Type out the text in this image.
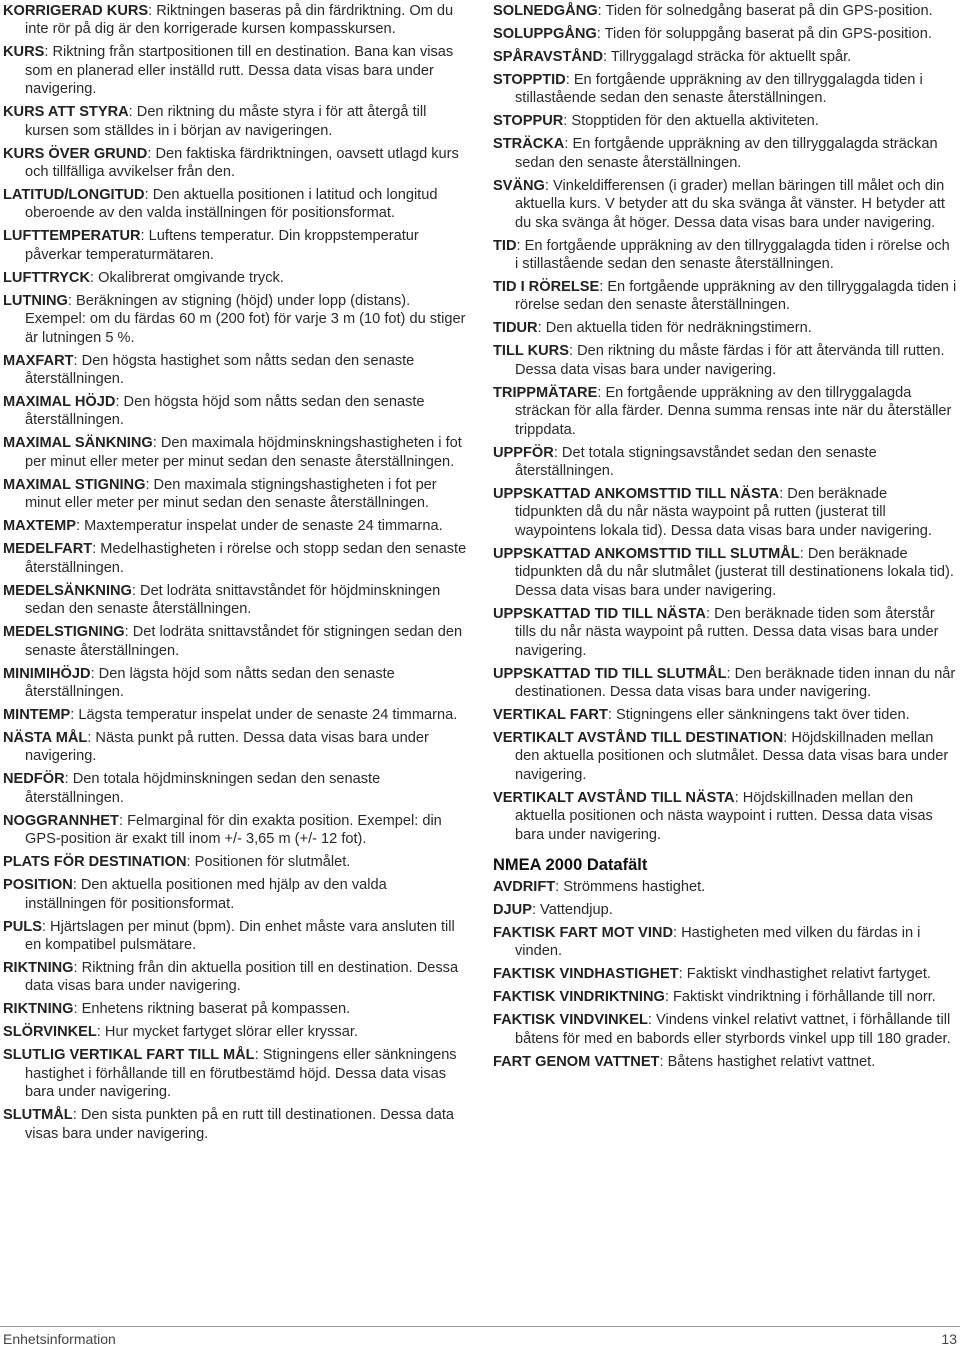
KORRIGERAD KURS: Riktningen baseras på din färdriktning. Om du inte rör på dig är den korrigerade kursen kompasskursen.

KURS: Riktning från startpositionen till en destination. Bana kan visas som en planerad eller inställd rutt. Dessa data visas bara under navigering.

KURS ATT STYRA: Den riktning du måste styra i för att återgå till kursen som ställdes in i början av navigeringen.

KURS ÖVER GRUND: Den faktiska färdriktningen, oavsett utlagd kurs och tillfälliga avvikelser från den.

LATITUD/LONGITUD: Den aktuella positionen i latitud och longitud oberoende av den valda inställningen för positionsformat.

LUFTTEMPERATUR: Luftens temperatur. Din kroppstemperatur påverkar temperaturmätaren.

LUFTTRYCK: Okalibrerat omgivande tryck.

LUTNING: Beräkningen av stigning (höjd) under lopp (distans). Exempel: om du färdas 60 m (200 fot) för varje 3 m (10 fot) du stiger är lutningen 5 %.

MAXFART: Den högsta hastighet som nåtts sedan den senaste återställningen.

MAXIMAL HÖJD: Den högsta höjd som nåtts sedan den senaste återställningen.

MAXIMAL SÄNKNING: Den maximala höjdminskningshastigheten i fot per minut eller meter per minut sedan den senaste återställningen.

MAXIMAL STIGNING: Den maximala stigningshastigheten i fot per minut eller meter per minut sedan den senaste återställningen.

MAXTEMP: Maxtemperatur inspelat under de senaste 24 timmarna.

MEDELFART: Medelhastigheten i rörelse och stopp sedan den senaste återställningen.

MEDELSÄNKNING: Det lodräta snittavståndet för höjdminskningen sedan den senaste återställningen.

MEDELSTIGNING: Det lodräta snittavståndet för stigningen sedan den senaste återställningen.

MINIMIHÖJD: Den lägsta höjd som nåtts sedan den senaste återställningen.

MINTEMP: Lägsta temperatur inspelat under de senaste 24 timmarna.

NÄSTA MÅL: Nästa punkt på rutten. Dessa data visas bara under navigering.

NEDFÖR: Den totala höjdminskningen sedan den senaste återställningen.

NOGGRANNHET: Felmarginal för din exakta position. Exempel: din GPS-position är exakt till inom +/- 3,65 m (+/- 12 fot).

PLATS FÖR DESTINATION: Positionen för slutmålet.

POSITION: Den aktuella positionen med hjälp av den valda inställningen för positionsformat.

PULS: Hjärtslagen per minut (bpm). Din enhet måste vara ansluten till en kompatibel pulsmätare.

RIKTNING: Riktning från din aktuella position till en destination. Dessa data visas bara under navigering.

RIKTNING: Enhetens riktning baserat på kompassen.

SLÖRVINKEL: Hur mycket fartyget slörar eller kryssar.

SLUTLIG VERTIKAL FART TILL MÅL: Stigningens eller sänkningens hastighet i förhållande till en förutbestämd höjd. Dessa data visas bara under navigering.

SLUTMÅL: Den sista punkten på en rutt till destinationen. Dessa data visas bara under navigering.

SOLNEDGÅNG: Tiden för solnedgång baserat på din GPS-position.

SOLUPPGÅNG: Tiden för soluppgång baserat på din GPS-position.

SPÅRAVSTÅND: Tillryggalagd sträcka för aktuellt spår.

STOPPTID: En fortgående uppräkning av den tillryggalagda tiden i stillastående sedan den senaste återställningen.

STOPPUR: Stopptiden för den aktuella aktiviteten.

STRÄCKA: En fortgående uppräkning av den tillryggalagda sträckan sedan den senaste återställningen.

SVÄNG: Vinkeldifferensen (i grader) mellan bäringen till målet och din aktuella kurs. V betyder att du ska svänga åt vänster. H betyder att du ska svänga åt höger. Dessa data visas bara under navigering.

TID: En fortgående uppräkning av den tillryggalagda tiden i rörelse och i stillastående sedan den senaste återställningen.

TID I RÖRELSE: En fortgående uppräkning av den tillryggalagda tiden i rörelse sedan den senaste återställningen.

TIDUR: Den aktuella tiden för nedräkningstimern.

TILL KURS: Den riktning du måste färdas i för att återvända till rutten. Dessa data visas bara under navigering.

TRIPPMÄTARE: En fortgående uppräkning av den tillryggalagda sträckan för alla färder. Denna summa rensas inte när du återställer trippdata.

UPPFÖR: Det totala stigningsavståndet sedan den senaste återställningen.

UPPSKATTAD ANKOMSTTID TILL NÄSTA: Den beräknade tidpunkten då du når nästa waypoint på rutten (justerat till waypointens lokala tid). Dessa data visas bara under navigering.

UPPSKATTAD ANKOMSTTID TILL SLUTMÅL: Den beräknade tidpunkten då du når slutmålet (justerat till destinationens lokala tid). Dessa data visas bara under navigering.

UPPSKATTAD TID TILL NÄSTA: Den beräknade tiden som återstår tills du når nästa waypoint på rutten. Dessa data visas bara under navigering.

UPPSKATTAD TID TILL SLUTMÅL: Den beräknade tiden innan du når destinationen. Dessa data visas bara under navigering.

VERTIKAL FART: Stigningens eller sänkningens takt över tiden.

VERTIKALT AVSTÅND TILL DESTINATION: Höjdskillnaden mellan den aktuella positionen och slutmålet. Dessa data visas bara under navigering.

VERTIKALT AVSTÅND TILL NÄSTA: Höjdskillnaden mellan den aktuella positionen och nästa waypoint i rutten. Dessa data visas bara under navigering.

NMEA 2000 Datafält

AVDRIFT: Strömmens hastighet.

DJUP: Vattendjup.

FAKTISK FART MOT VIND: Hastigheten med vilken du färdas in i vinden.

FAKTISK VINDHASTIGHET: Faktiskt vindhastighet relativt fartyget.

FAKTISK VINDRIKTNING: Faktiskt vindriktning i förhållande till norr.

FAKTISK VINDVINKEL: Vindens vinkel relativt vattnet, i förhållande till båtens för med en babords eller styrbords vinkel upp till 180 grader.

FART GENOM VATTNET: Båtens hastighet relativt vattnet.

Enhetsinformation	13
